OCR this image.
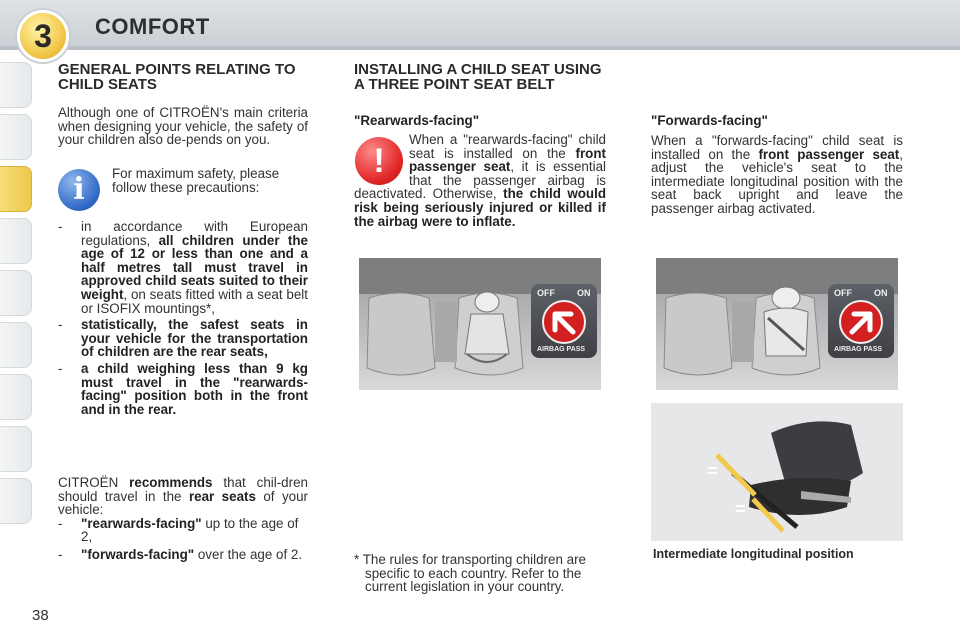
3	COMFORT
GENERAL POINTS RELATING TO CHILD SEATS

Although one of CITROËN's main criteria when designing your vehicle, the safety of your children also de-pends on you.

i	For maximum safety, please follow these precautions:

- in accordance with European regulations, all children under the age of 12 or less than one and a half metres tall must travel in approved child seats suited to their weight, on seats fitted with a seat belt or ISOFIX mountings*,

- statistically, the safest seats in your vehicle for the transportation of children are the rear seats,

- a child weighing less than 9 kg must travel in the "rearwards-facing" position both in the front and in the rear.

CITROËN recommends that chil-dren should travel in the rear seats of your vehicle:

- "rearwards-facing" up to the age of 2,

- "forwards-facing" over the age of 2.

INSTALLING A CHILD SEAT USING A THREE POINT SEAT BELT
"Rearwards-facing"
!

When a "rearwards-facing" child seat is installed on the front passenger seat, it is essential that the passenger airbag is deactivated. Otherwise, the child would risk being seriously injured or killed if the airbag were to inflate.

OFF ON
AIRBAG PASS

* The rules for transporting children are specific to each country. Refer to the current legislation in your country.

"Forwards-facing"

When a "forwards-facing" child seat is installed on the front passenger seat, adjust the vehicle's seat to the intermediate longitudinal position with the seat back upright and leave the passenger airbag activated.

OFF ON
AIRBAG PASS
=
=
Intermediate longitudinal position
38
